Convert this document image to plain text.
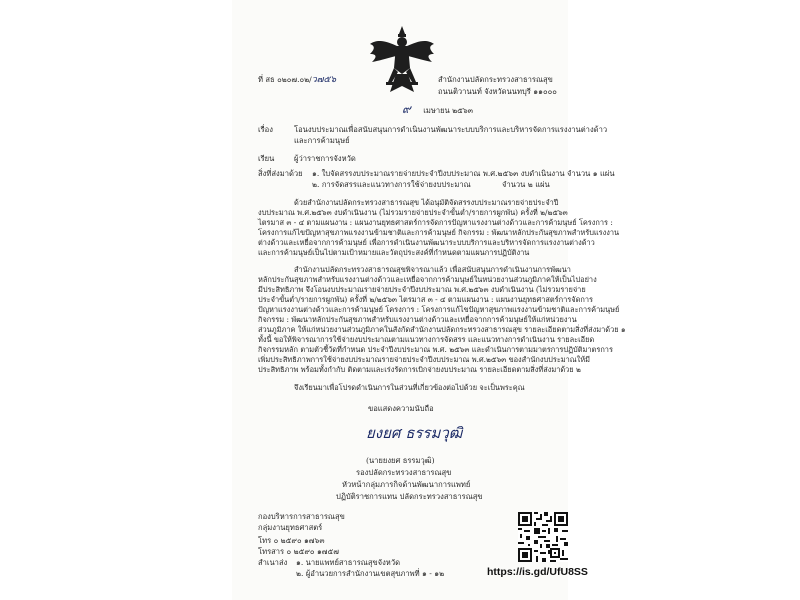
ที่ สธ ๐๒๐๗.๐๒/ว๗๕๖	สำนักงานปลัดกระทรวงสาธารณสุข
ถนนติวานนท์ จังหวัดนนทบุรี ๑๑๐๐๐
๙ เมษายน ๒๕๖๓
เรื่อง	โอนงบประมาณเพื่อสนับสนุนการดำเนินงานพัฒนาระบบบริการและบริหารจัดการแรงงานต่างด้าว
และการค้ามนุษย์
เรียน	ผู้ว่าราชการจังหวัด
สิ่งที่ส่งมาด้วย ๑. ใบจัดสรรงบประมาณรายจ่ายประจำปีงบประมาณ พ.ศ.๒๕๖๓ งบดำเนินงาน จำนวน ๑ แผ่น
๒. การจัดสรรและแนวทางการใช้จ่ายงบประมาณ	จำนวน ๒ แผ่น
ด้วยสำนักงานปลัดกระทรวงสาธารณสุข ได้อนุมัติจัดสรรงบประมาณรายจ่ายประจำปี
งบประมาณ พ.ศ.๒๕๖๓ งบดำเนินงาน (ไม่รวมรายจ่ายประจำขั้นต่ำ/รายการผูกพัน) ครั้งที่ ๒/๒๕๖๓
ไตรมาส ๓ - ๔ ตามแผนงาน : แผนงานยุทธศาสตร์การจัดการปัญหาแรงงานต่างด้าวและการค้ามนุษย์ โครงการ :
โครงการแก้ไขปัญหาสุขภาพแรงงานข้ามชาติและการค้ามนุษย์ กิจกรรม : พัฒนาหลักประกันสุขภาพสำหรับแรงงาน
ต่างด้าวและเหยื่อจากการค้ามนุษย์ เพื่อการดำเนินงานพัฒนาระบบบริการและบริหารจัดการแรงงานต่างด้าว
และการค้ามนุษย์เป็นไปตามเป้าหมายและวัตถุประสงค์ที่กำหนดตามแผนการปฏิบัติงาน
สำนักงานปลัดกระทรวงสาธารณสุขพิจารณาแล้ว เพื่อสนับสนุนการดำเนินงานการพัฒนา
หลักประกันสุขภาพสำหรับแรงงานต่างด้าวและเหยื่อจากการค้ามนุษย์ในหน่วยงานส่วนภูมิภาคให้เป็นไปอย่าง
มีประสิทธิภาพ จึงโอนงบประมาณรายจ่ายประจำปีงบประมาณ พ.ศ.๒๕๖๓ งบดำเนินงาน (ไม่รวมรายจ่าย
ประจำขั้นต่ำ/รายการผูกพัน) ครั้งที่ ๒/๒๕๖๓ ไตรมาส ๓ - ๔ ตามแผนงาน : แผนงานยุทธศาสตร์การจัดการ
ปัญหาแรงงานต่างด้าวและการค้ามนุษย์ โครงการ : โครงการแก้ไขปัญหาสุขภาพแรงงานข้ามชาติและการค้ามนุษย์
กิจกรรม : พัฒนาหลักประกันสุขภาพสำหรับแรงงานต่างด้าวและเหยื่อจากการค้ามนุษย์ให้แก่หน่วยงาน
ส่วนภูมิภาค ให้แก่หน่วยงานส่วนภูมิภาคในสังกัดสำนักงานปลัดกระทรวงสาธารณสุข รายละเอียดตามสิ่งที่ส่งมาด้วย ๑
ทั้งนี้ ขอให้พิจารณาการใช้จ่ายงบประมาณตามแนวทางการจัดสรร และแนวทางการดำเนินงาน รายละเอียด
กิจกรรมหลัก ตามตัวชี้วัดที่กำหนด ประจำปีงบประมาณ พ.ศ. ๒๕๖๓ และดำเนินการตามมาตรการปฏิบัติมาตรการ
เพิ่มประสิทธิภาพการใช้จ่ายงบประมาณรายจ่ายประจำปีงบประมาณ พ.ศ.๒๕๖๓ ของสำนักงบประมาณให้มี
ประสิทธิภาพ พร้อมทั้งกำกับ ติดตามและเร่งรัดการเบิกจ่ายงบประมาณ รายละเอียดตามสิ่งที่ส่งมาด้วย ๒
จึงเรียนมาเพื่อโปรดดำเนินการในส่วนที่เกี่ยวข้องต่อไปด้วย จะเป็นพระคุณ
ขอแสดงความนับถือ
ยงยศ ธรรมวุฒิ
(นายยงยศ ธรรมวุฒิ)
รองปลัดกระทรวงสาธารณสุข
หัวหน้ากลุ่มภารกิจด้านพัฒนาการแพทย์
ปฏิบัติราชการแทน ปลัดกระทรวงสาธารณสุข
กองบริหารการสาธารณสุข
กลุ่มงานยุทธศาสตร์
โทร ๐ ๒๕๙๐ ๑๗๖๓
โทรสาร ๐ ๒๕๙๐ ๑๗๕๗
สำเนาส่ง ๑. นายแพทย์สาธารณสุขจังหวัด
๒. ผู้อำนวยการสำนักงานเขตสุขภาพที่ ๑ - ๑๒	https://is.gd/UfU8SS
